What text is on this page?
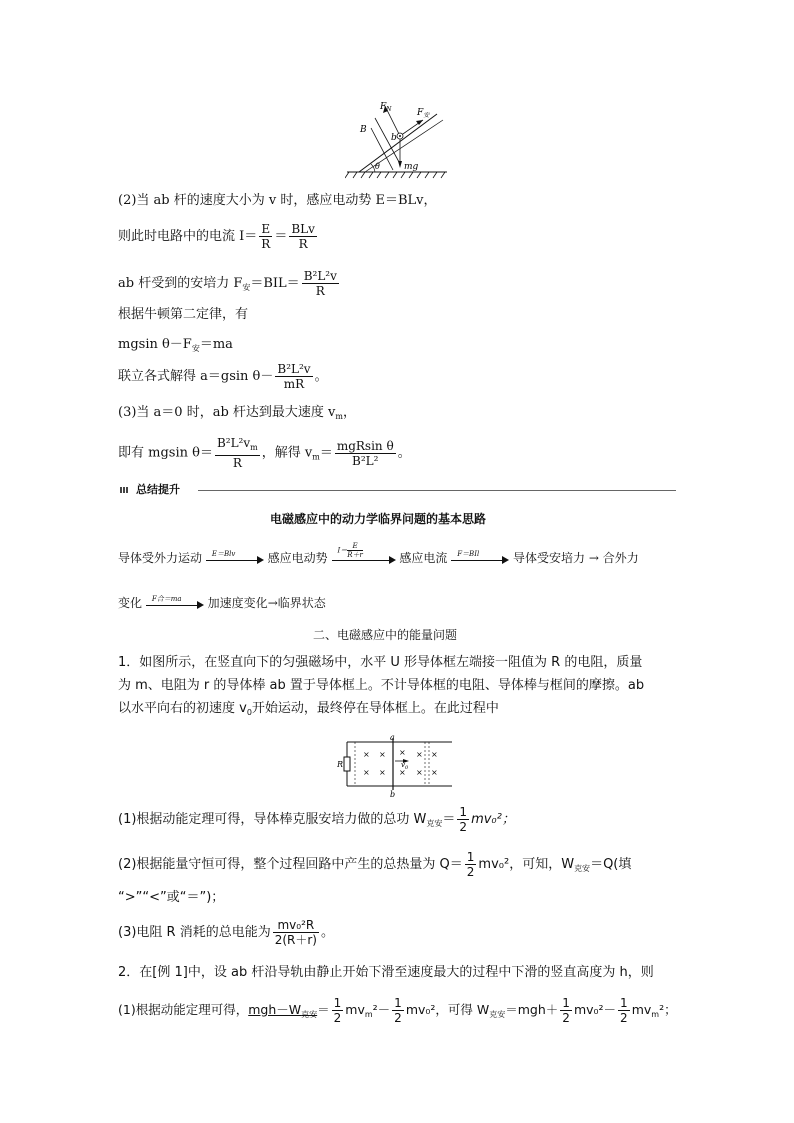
B
$F_N$	$F_安$
b
θ	mg
(2)当 ab 杆的速度大小为 v 时，感应电动势 E＝BLv，
则此时电路中的电流 $I= \frac{E}{R} = \frac{\text{BLv}}{R}$
ab 杆受到的安培力 $F_安=BIL= \frac{\text{B²L²v}}{R}$
根据牛顿第二定律，有
mgsin $\theta-F_安=ma$
联立各式解得 a＝gsin $\theta- \frac{\text{B²L²v}}{mR}$ 。
(3)当 a＝0 时，ab 杆达到最大速度 $v_m$，
即有 mgsin $\theta= \frac{B^2L^2v_m}{R}$ ，解得 $v_m= \frac{\text{mgRsin θ}}{\text{B²L²}}$ 。
总结提升
电磁感应中的动力学临界问题的基本思路
导体受外力运动 E＝Blv	感应电动势
$I= \frac{E}{R+r}$	感应电流 F＝BIl	导体受安培力 → 合外力
变化 F合＝ma 加速度变化→临界状态
二、电磁感应中的能量问题
1．如图所示，在竖直向下的匀强磁场中，水平 U 形导体框左端接一阻值为 R 的电阻，质量
为 m、电阻为 r 的导体棒 ab 置于导体框上。不计导体框的电阻、导体棒与框间的摩擦。ab
以水平向右的初速度 $v_0$开始运动，最终停在导体框上。在此过程中
× × × × ×
× × × × ×
a
b
R	$v_0$
(1)根据动能定理可得，导体棒克服安培力做的总功 $W_{克安}= \frac{1}{2} mv_0^2$；
(2)根据能量守恒可得，整个过程回路中产生的总热量为 $Q= \frac{1}{2} mv_0^2$，可知，$W_{克安}=Q$(填
“>”“<”或“＝”)；
(3)电阻 R 消耗的总电能为 $\frac{\text{mv₀²R}}{2(R+r)}$ 。
2．在[例 1]中，设 ab 杆沿导轨由静止开始下滑至速度最大的过程中下滑的竖直高度为 h，则
(1)根据动能定理可得，$mgh-W_{克安}= \frac{1}{2} mv_m^2- \frac{1}{2} mv_0^2$，可得 $W_{克安}=mgh+ \frac{1}{2} mv_0^2- \frac{1}{2} mv_m^2$；
